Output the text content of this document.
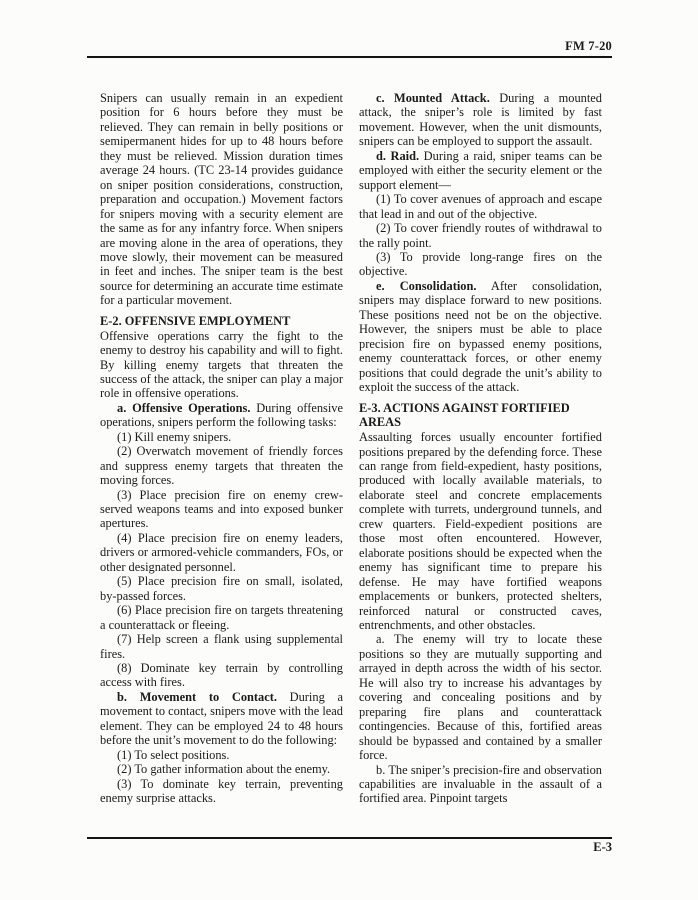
FM 7-20

Snipers can usually remain in an expedient position for 6 hours before they must be relieved. They can remain in belly positions or semipermanent hides for up to 48 hours before they must be relieved. Mission duration times average 24 hours. (TC 23-14 provides guidance on sniper position considerations, construction, preparation and occupation.) Movement factors for snipers moving with a security element are the same as for any infantry force. When snipers are moving alone in the area of operations, they move slowly, their movement can be measured in feet and inches. The sniper team is the best source for determining an accurate time estimate for a particular movement.

E-2. OFFENSIVE EMPLOYMENT

Offensive operations carry the fight to the enemy to destroy his capability and will to fight. By killing enemy targets that threaten the success of the attack, the sniper can play a major role in offensive operations.

a. Offensive Operations. During offensive operations, snipers perform the following tasks:

(1) Kill enemy snipers.

(2) Overwatch movement of friendly forces and suppress enemy targets that threaten the moving forces.

(3) Place precision fire on enemy crew-served weapons teams and into exposed bunker apertures.

(4) Place precision fire on enemy leaders, drivers or armored-vehicle commanders, FOs, or other designated personnel.

(5) Place precision fire on small, isolated, by-passed forces.

(6) Place precision fire on targets threatening a counterattack or fleeing.

(7) Help screen a flank using supplemental fires.

(8) Dominate key terrain by controlling access with fires.

b. Movement to Contact. During a movement to contact, snipers move with the lead element. They can be employed 24 to 48 hours before the unit’s movement to do the following:

(1) To select positions.

(2) To gather information about the enemy.

(3) To dominate key terrain, preventing enemy surprise attacks.

c. Mounted Attack. During a mounted attack, the sniper’s role is limited by fast movement. However, when the unit dismounts, snipers can be employed to support the assault.

d. Raid. During a raid, sniper teams can be employed with either the security element or the support element—

(1) To cover avenues of approach and escape that lead in and out of the objective.

(2) To cover friendly routes of withdrawal to the rally point.

(3) To provide long-range fires on the objective.

e. Consolidation. After consolidation, snipers may displace forward to new positions. These positions need not be on the objective. However, the snipers must be able to place precision fire on bypassed enemy positions, enemy counterattack forces, or other enemy positions that could degrade the unit’s ability to exploit the success of the attack.

E-3. ACTIONS AGAINST FORTIFIED AREAS

Assaulting forces usually encounter fortified positions prepared by the defending force. These can range from field-expedient, hasty positions, produced with locally available materials, to elaborate steel and concrete emplacements complete with turrets, underground tunnels, and crew quarters. Field-expedient positions are those most often encountered. However, elaborate positions should be expected when the enemy has significant time to prepare his defense. He may have fortified weapons emplacements or bunkers, protected shelters, reinforced natural or constructed caves, entrenchments, and other obstacles.

a. The enemy will try to locate these positions so they are mutually supporting and arrayed in depth across the width of his sector. He will also try to increase his advantages by covering and concealing positions and by preparing fire plans and counterattack contingencies. Because of this, fortified areas should be bypassed and contained by a smaller force.

b. The sniper’s precision-fire and observation capabilities are invaluable in the assault of a fortified area. Pinpoint targets

E-3
